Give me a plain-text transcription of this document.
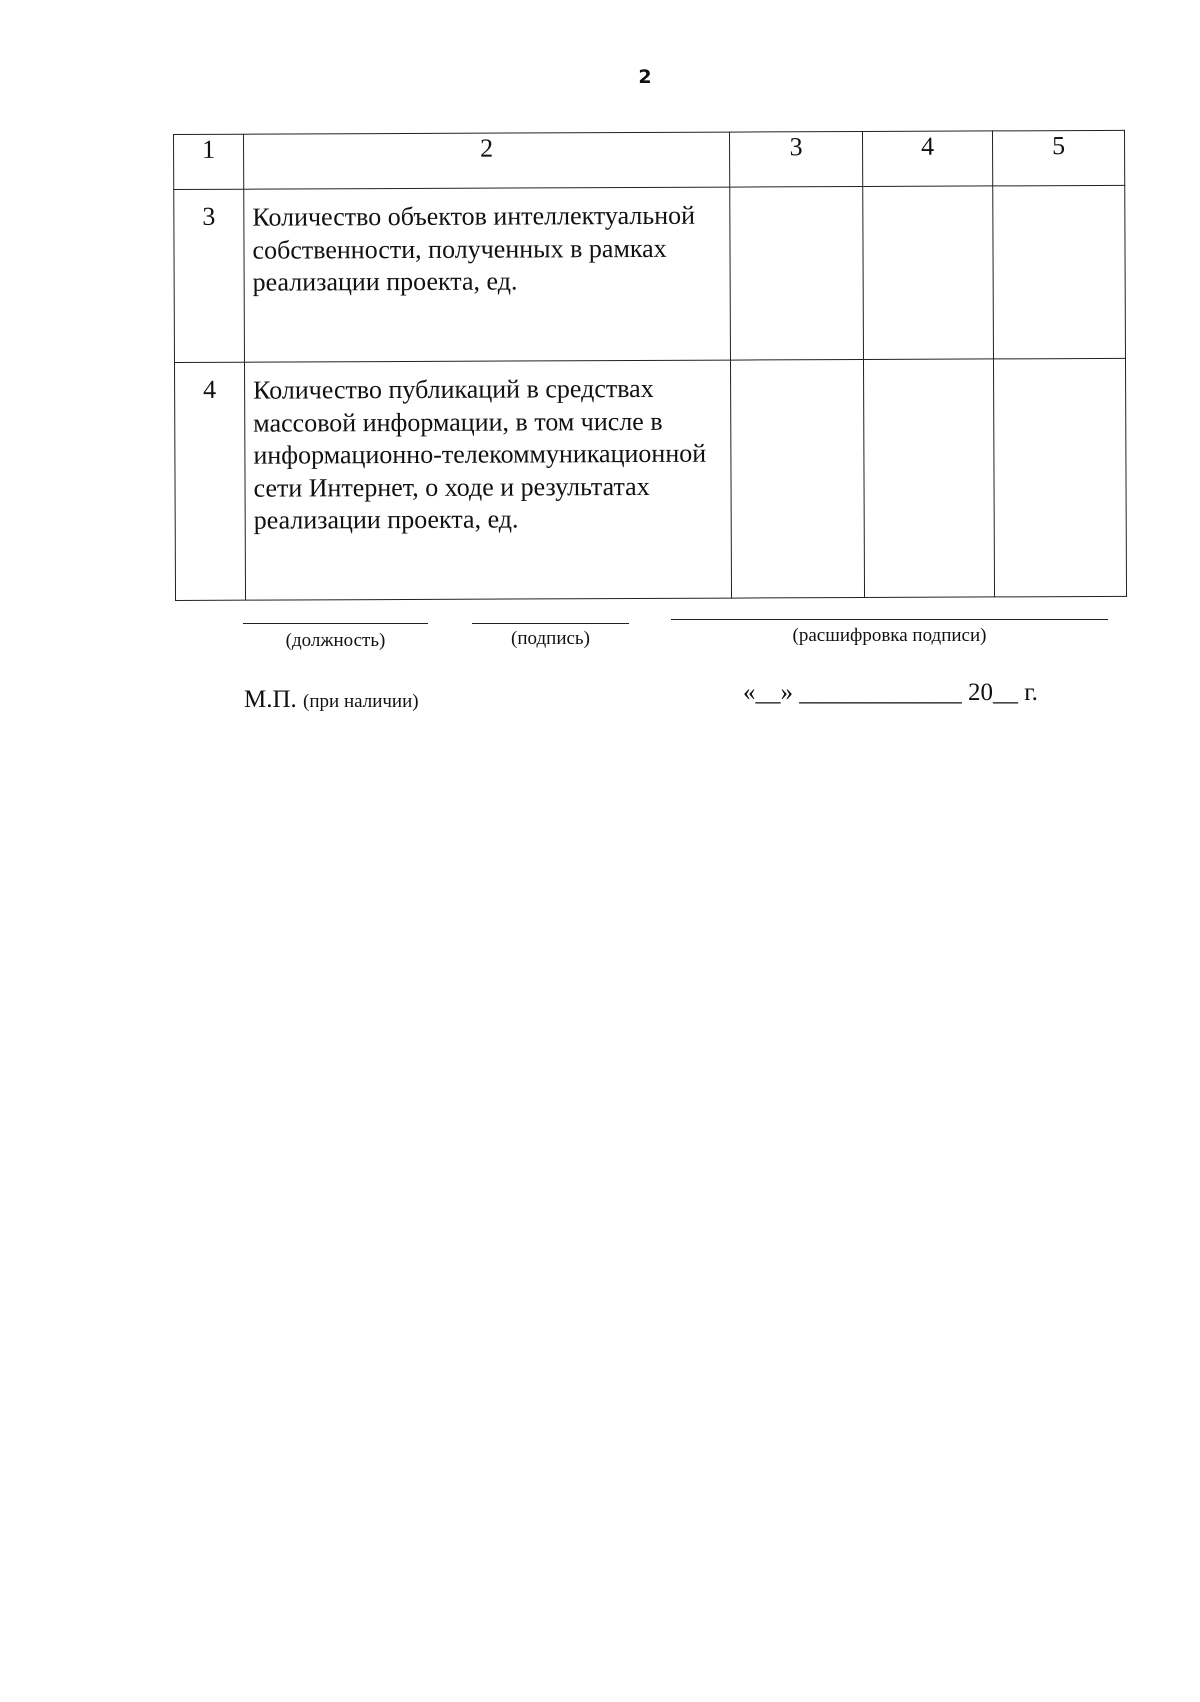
2
1	2	3	4	5
3	Количество объектов интеллектуальной собственности, полученных в рамках реализации проекта, ед.			
4	Количество публикаций в средствах массовой информации, в том числе в информационно-телекоммуникационной сети Интернет, о ходе и результатах реализации проекта, ед.			
(должность)	(подпись)	(расшифровка подписи)
М.П. (при наличии)	«__» _____________ 20__ г.
